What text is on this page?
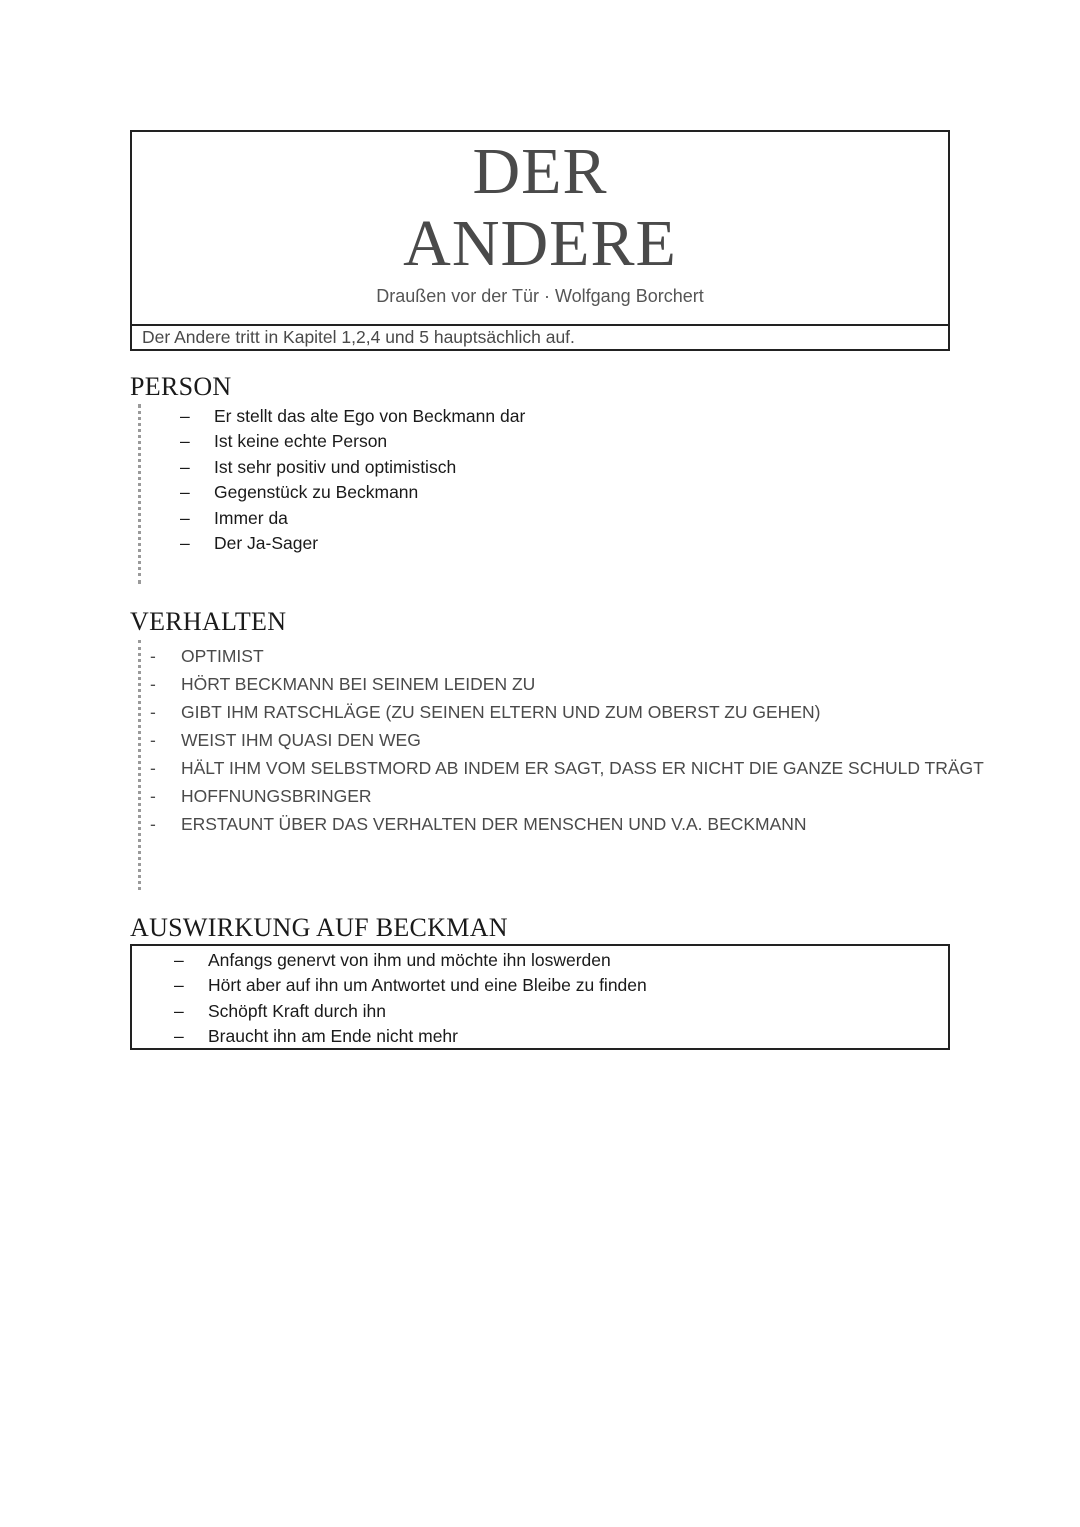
DER
ANDERE
Draußen vor der Tür · Wolfgang Borchert
Der Andere tritt in Kapitel 1,2,4 und 5 hauptsächlich auf.
PERSON
– Er stellt das alte Ego von Beckmann dar
– Ist keine echte Person
– Ist sehr positiv und optimistisch
– Gegenstück zu Beckmann
– Immer da
– Der Ja-Sager
VERHALTEN
- OPTIMIST
- HÖRT BECKMANN BEI SEINEM LEIDEN ZU
- GIBT IHM RATSCHLÄGE (ZU SEINEN ELTERN UND ZUM OBERST ZU GEHEN)
- WEIST IHM QUASI DEN WEG
- HÄLT IHM VOM SELBSTMORD AB INDEM ER SAGT, DASS ER NICHT DIE GANZE SCHULD TRÄGT
- HOFFNUNGSBRINGER
- ERSTAUNT ÜBER DAS VERHALTEN DER MENSCHEN UND V.A. BECKMANN
AUSWIRKUNG AUF BECKMAN
– Anfangs genervt von ihm und möchte ihn loswerden
– Hört aber auf ihn um Antwortet und eine Bleibe zu finden
– Schöpft Kraft durch ihn
– Braucht ihn am Ende nicht mehr
